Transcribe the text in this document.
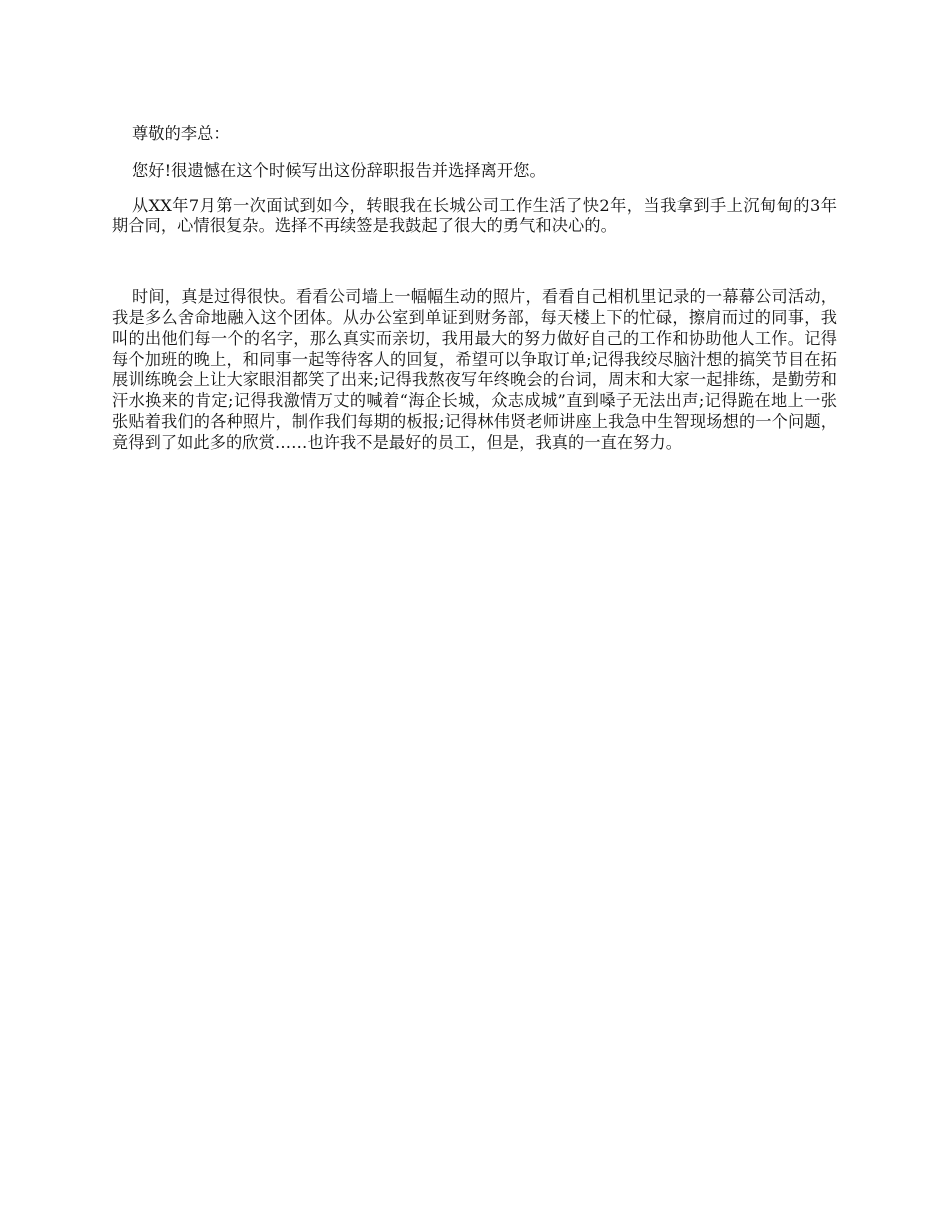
尊敬的李总：

您好!很遗憾在这个时候写出这份辞职报告并选择离开您。

从XX年7月第一次面试到如今，转眼我在长城公司工作生活了快2年，当我拿到手上沉甸甸的3年期合同，心情很复杂。选择不再续签是我鼓起了很大的勇气和决心的。

时间，真是过得很快。看看公司墙上一幅幅生动的照片，看看自己相机里记录的一幕幕公司活动，我是多么舍命地融入这个团体。从办公室到单证到财务部，每天楼上下的忙碌，擦肩而过的同事，我叫的出他们每一个的名字，那么真实而亲切，我用最大的努力做好自己的工作和协助他人工作。记得每个加班的晚上，和同事一起等待客人的回复，希望可以争取订单;记得我绞尽脑汁想的搞笑节目在拓展训练晚会上让大家眼泪都笑了出来;记得我熬夜写年终晚会的台词，周末和大家一起排练，是勤劳和汗水换来的肯定;记得我激情万丈的喊着“海企长城，众志成城”直到嗓子无法出声;记得跪在地上一张张贴着我们的各种照片，制作我们每期的板报;记得林伟贤老师讲座上我急中生智现场想的一个问题，竟得到了如此多的欣赏……也许我不是最好的员工，但是，我真的一直在努力。
